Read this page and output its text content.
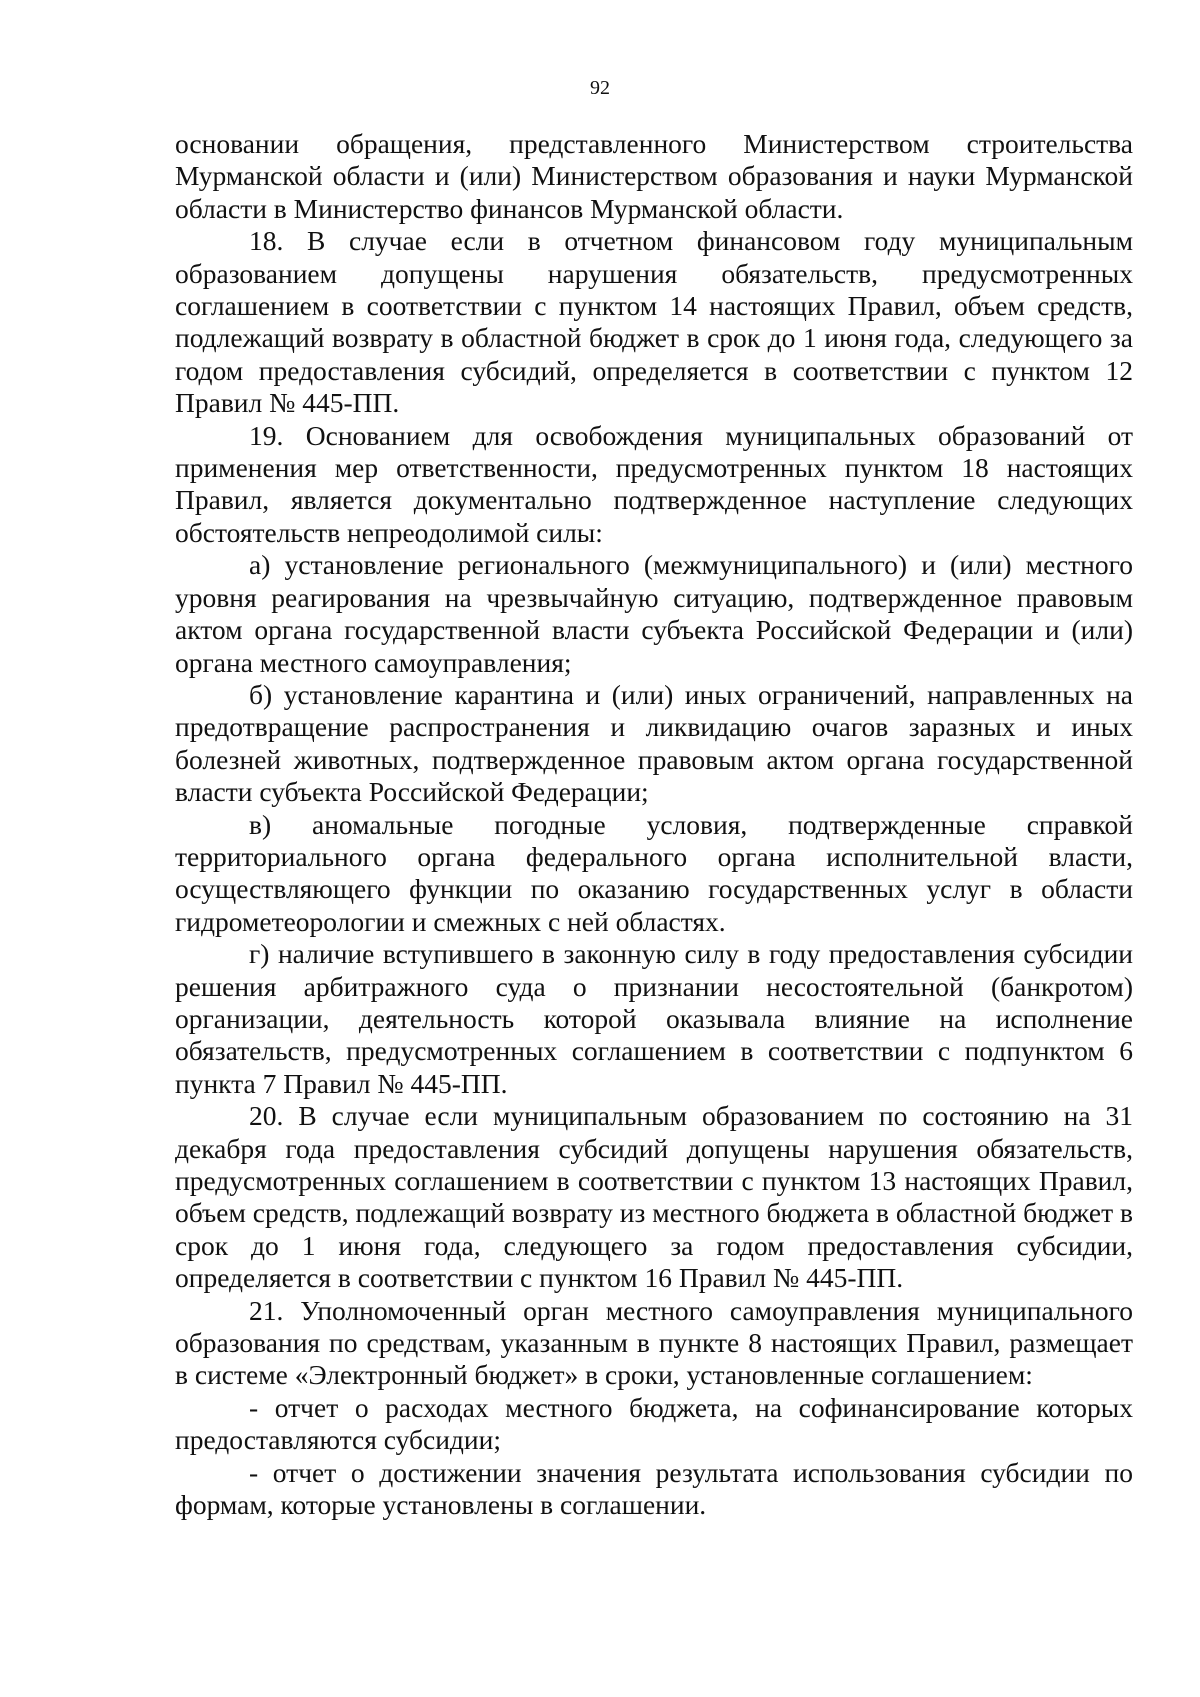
92

основании обращения, представленного Министерством строительства Мурманской области и (или) Министерством образования и науки Мурманской области в Министерство финансов Мурманской области.

18. В случае если в отчетном финансовом году муниципальным образованием допущены нарушения обязательств, предусмотренных соглашением в соответствии с пунктом 14 настоящих Правил, объем средств, подлежащий возврату в областной бюджет в срок до 1 июня года, следующего за годом предоставления субсидий, определяется в соответствии с пунктом 12 Правил № 445-ПП.

19. Основанием для освобождения муниципальных образований от применения мер ответственности, предусмотренных пунктом 18 настоящих Правил, является документально подтвержденное наступление следующих обстоятельств непреодолимой силы:

а) установление регионального (межмуниципального) и (или) местного уровня реагирования на чрезвычайную ситуацию, подтвержденное правовым актом органа государственной власти субъекта Российской Федерации и (или) органа местного самоуправления;

б) установление карантина и (или) иных ограничений, направленных на предотвращение распространения и ликвидацию очагов заразных и иных болезней животных, подтвержденное правовым актом органа государственной власти субъекта Российской Федерации;

в) аномальные погодные условия, подтвержденные справкой территориального органа федерального органа исполнительной власти, осуществляющего функции по оказанию государственных услуг в области гидрометеорологии и смежных с ней областях.

г) наличие вступившего в законную силу в году предоставления субсидии решения арбитражного суда о признании несостоятельной (банкротом) организации, деятельность которой оказывала влияние на исполнение обязательств, предусмотренных соглашением в соответствии с подпунктом 6 пункта 7 Правил № 445-ПП.

20. В случае если муниципальным образованием по состоянию на 31 декабря года предоставления субсидий допущены нарушения обязательств, предусмотренных соглашением в соответствии с пунктом 13 настоящих Правил, объем средств, подлежащий возврату из местного бюджета в областной бюджет в срок до 1 июня года, следующего за годом предоставления субсидии, определяется в соответствии с пунктом 16 Правил № 445-ПП.

21. Уполномоченный орган местного самоуправления муниципального образования по средствам, указанным в пункте 8 настоящих Правил, размещает в системе «Электронный бюджет» в сроки, установленные соглашением:

- отчет о расходах местного бюджета, на софинансирование которых предоставляются субсидии;

- отчет о достижении значения результата использования субсидии по формам, которые установлены в соглашении.
